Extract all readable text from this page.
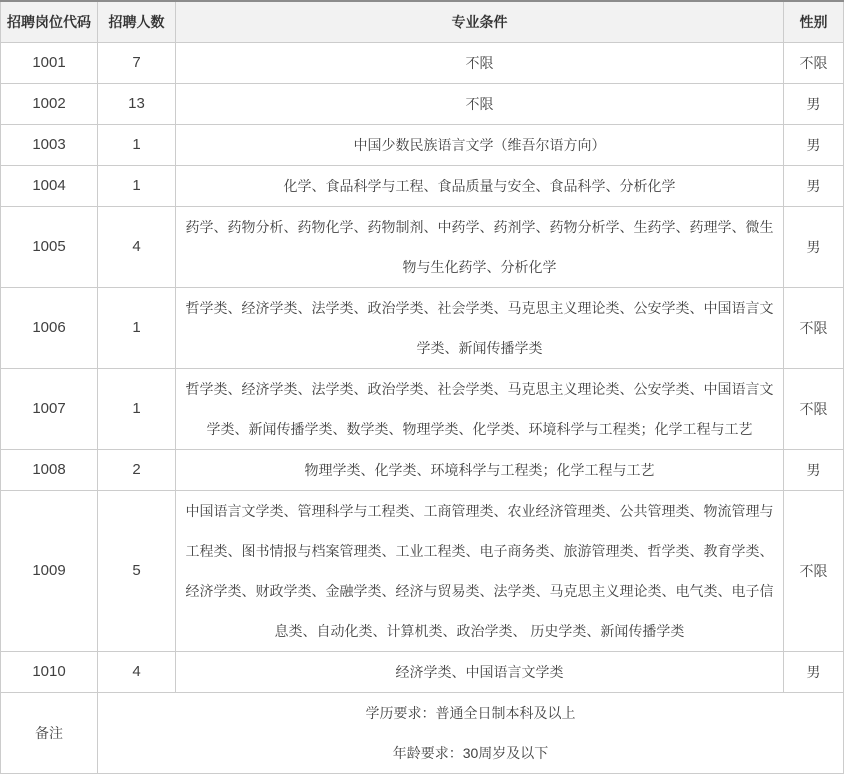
招聘岗位代码	招聘人数	专业条件	性别
1001	7	不限	不限
1002	13	不限	男
1003	1	中国少数民族语言文学（维吾尔语方向）	男
1004	1	化学、食品科学与工程、食品质量与安全、食品科学、分析化学	男
1005	4	药学、药物分析、药物化学、药物制剂、中药学、药剂学、药物分析学、生药学、药理学、微生物与生化药学、分析化学	男
1006	1	哲学类、经济学类、法学类、政治学类、社会学类、马克思主义理论类、公安学类、中国语言文学类、新闻传播学类	不限
1007	1	哲学类、经济学类、法学类、政治学类、社会学类、马克思主义理论类、公安学类、中国语言文学类、新闻传播学类、数学类、物理学类、化学类、环境科学与工程类；化学工程与工艺	不限
1008	2	物理学类、化学类、环境科学与工程类；化学工程与工艺	男
1009	5	中国语言文学类、管理科学与工程类、工商管理类、农业经济管理类、公共管理类、物流管理与工程类、图书情报与档案管理类、工业工程类、电子商务类、旅游管理类、哲学类、教育学类、经济学类、财政学类、金融学类、经济与贸易类、法学类、马克思主义理论类、电气类、电子信息类、自动化类、计算机类、政治学类、 历史学类、新闻传播学类	不限
1010	4	经济学类、中国语言文学类	男
备注	学历要求：普通全日制本科及以上
年龄要求：30周岁及以下		
